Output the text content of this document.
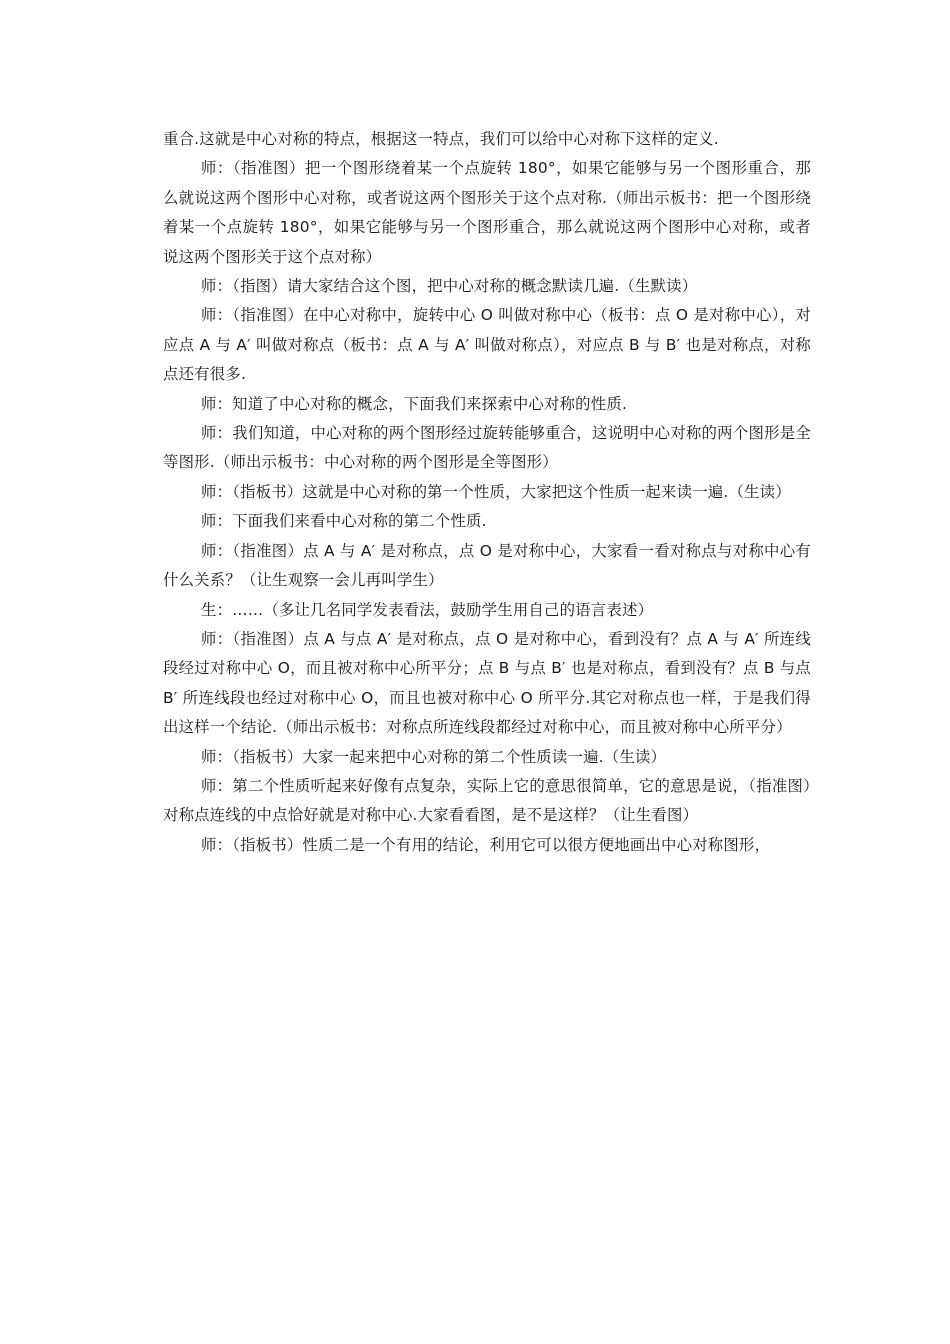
重合.这就是中心对称的特点，根据这一特点，我们可以给中心对称下这样的定义.

师：（指准图）把一个图形绕着某一个点旋转 180°，如果它能够与另一个图形重合，那么就说这两个图形中心对称，或者说这两个图形关于这个点对称.（师出示板书：把一个图形绕着某一个点旋转 180°，如果它能够与另一个图形重合，那么就说这两个图形中心对称，或者说这两个图形关于这个点对称）

师：（指图）请大家结合这个图，把中心对称的概念默读几遍.（生默读）

师：（指准图）在中心对称中，旋转中心 O 叫做对称中心（板书：点 O 是对称中心），对应点 A 与 A′ 叫做对称点（板书：点 A 与 A′ 叫做对称点），对应点 B 与 B′ 也是对称点，对称点还有很多.

师：知道了中心对称的概念，下面我们来探索中心对称的性质.

师：我们知道，中心对称的两个图形经过旋转能够重合，这说明中心对称的两个图形是全等图形.（师出示板书：中心对称的两个图形是全等图形）

师：（指板书）这就是中心对称的第一个性质，大家把这个性质一起来读一遍.（生读）

师：下面我们来看中心对称的第二个性质.

师：（指准图）点 A 与 A′ 是对称点，点 O 是对称中心，大家看一看对称点与对称中心有什么关系？（让生观察一会儿再叫学生）

生：……（多让几名同学发表看法，鼓励学生用自己的语言表述）

师：（指准图）点 A 与点 A′ 是对称点，点 O 是对称中心，看到没有？点 A 与 A′ 所连线段经过对称中心 O，而且被对称中心所平分；点 B 与点 B′ 也是对称点，看到没有？点 B 与点 B′ 所连线段也经过对称中心 O，而且也被对称中心 O 所平分.其它对称点也一样，于是我们得出这样一个结论.（师出示板书：对称点所连线段都经过对称中心，而且被对称中心所平分）

师：（指板书）大家一起来把中心对称的第二个性质读一遍.（生读）

师：第二个性质听起来好像有点复杂，实际上它的意思很简单，它的意思是说，（指准图）对称点连线的中点恰好就是对称中心.大家看看图，是不是这样？（让生看图）

师：（指板书）性质二是一个有用的结论，利用它可以很方便地画出中心对称图形，
